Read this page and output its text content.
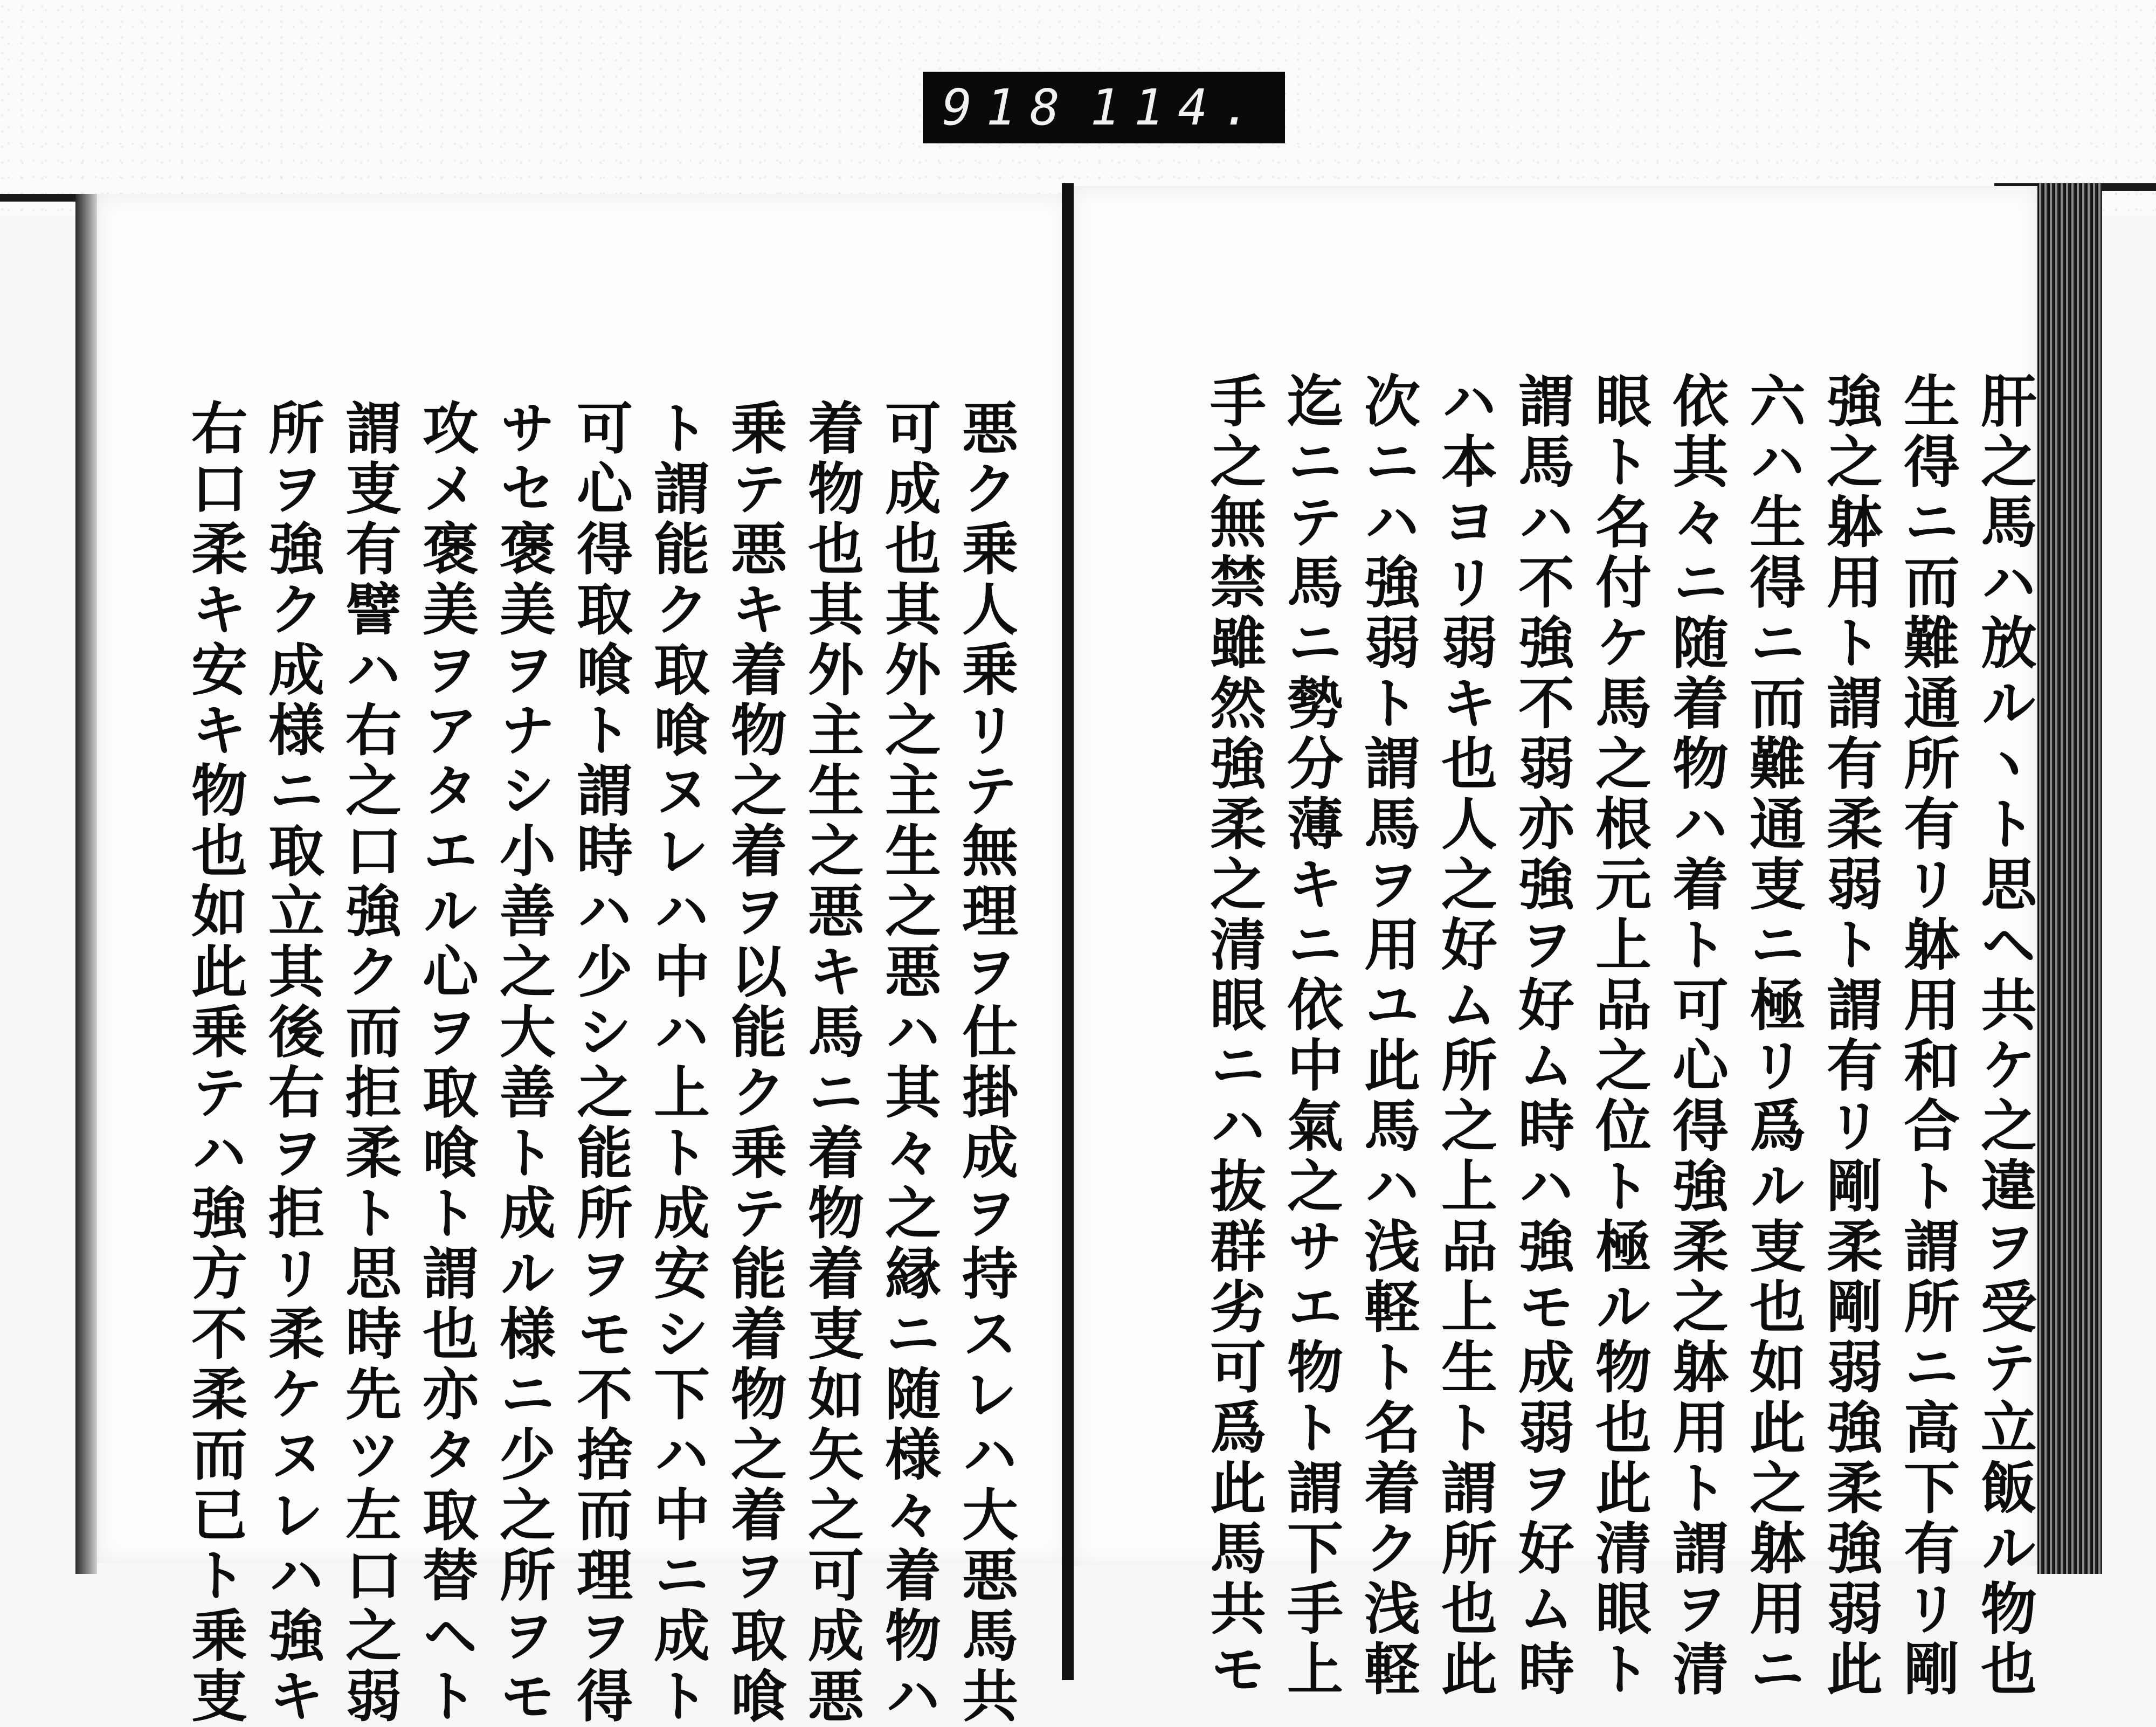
918 114.

肝之馬ハ放ルヽト思ヘ共ケ之違ヲ受テ立飯ル物也

生得ニ而難通所有リ躰用和合ト謂所ニ高下有リ剛

強之躰用ト謂有柔弱ト謂有リ剛柔剛弱強柔強弱此

六ハ生得ニ而難通叓ニ極リ爲ル叓也如此之躰用ニ

依其々ニ随着物ハ着ト可心得強柔之躰用ト謂ヲ清

眼ト名付ケ馬之根元上品之位ト極ル物也此清眼ト

謂馬ハ不強不弱亦強ヲ好ム時ハ強モ成弱ヲ好ム時

ハ本ヨリ弱キ也人之好ム所之上品上生ト謂所也此

次ニハ強弱ト謂馬ヲ用ユ此馬ハ浅軽ト名着ク浅軽

迄ニテ馬ニ勢分薄キニ依中氣之サエ物ト謂下手上

手之無禁雖然強柔之清眼ニハ抜群劣可爲此馬共モ

悪ク乗人乗リテ無理ヲ仕掛成ヲ持スレハ大悪馬共

可成也其外之主生之悪ハ其々之縁ニ随様々着物ハ

着物也其外主生之悪キ馬ニ着物着叓如矢之可成悪

乗テ悪キ着物之着ヲ以能ク乗テ能着物之着ヲ取喰

ト謂能ク取喰ヌレハ中ハ上ト成安シ下ハ中ニ成ト

可心得取喰ト謂時ハ少シ之能所ヲモ不捨而理ヲ得

サセ褒美ヲナシ小善之大善ト成ル様ニ少之所ヲモ

攻メ褒美ヲアタエル心ヲ取喰ト謂也亦タ取替ヘト

謂叓有譬ハ右之口強ク而拒柔ト思時先ツ左口之弱

所ヲ強ク成様ニ取立其後右ヲ拒リ柔ケヌレハ強キ

右口柔キ安キ物也如此乗テハ強方不柔而已ト乗叓
